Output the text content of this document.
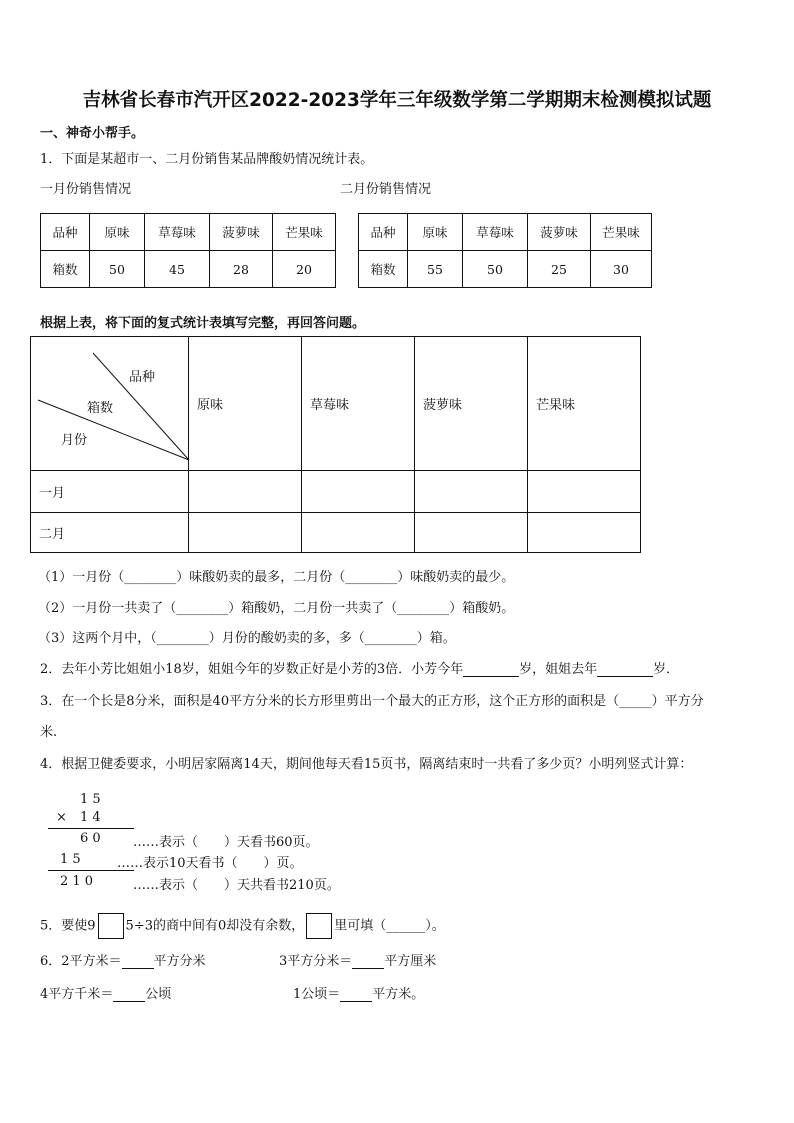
吉林省长春市汽开区2022-2023学年三年级数学第二学期期末检测模拟试题
一、神奇小帮手。
1．下面是某超市一、二月份销售某品牌酸奶情况统计表。
一月份销售情况	二月份销售情况
品种	原味	草莓味	菠萝味	芒果味
箱数	50	45	28	20
品种	原味	草莓味	菠萝味	芒果味
箱数	55	50	25	30
根据上表，将下面的复式统计表填写完整，再回答问题。
品种
箱数
月份	原味	草莓味	菠萝味	芒果味
一月				
二月				
（1）一月份（________）味酸奶卖的最多，二月份（________）味酸奶卖的最少。
（2）一月份一共卖了（________）箱酸奶，二月份一共卖了（________）箱酸奶。
（3）这两个月中，（________）月份的酸奶卖的多，多（________）箱。
2．去年小芳比姐姐小18岁，姐姐今年的岁数正好是小芳的3倍．小芳今年	岁，姐姐去年	岁．
3．在一个长是8分米，面积是40平方分米的长方形里剪出一个最大的正方形，这个正方形的面积是（_____）平方分
米.
4．根据卫健委要求，小明居家隔离14天，期间他每天看15页书，隔离结束时一共看了多少页？小明列竖式计算：
1 5
× 1 4
6 0 ……表示（　　）天看书60页。
1 5	……表示10天看书（　　）页。
2 1 0	……表示（　　）天共看书210页。
5．要使9 5÷3的商中间有0却没有余数， 里可填（______）。
6．2平方米＝ 平方分米	3平方分米＝ 平方厘米
4平方千米＝ 公顷	1公顷＝ 平方米。
